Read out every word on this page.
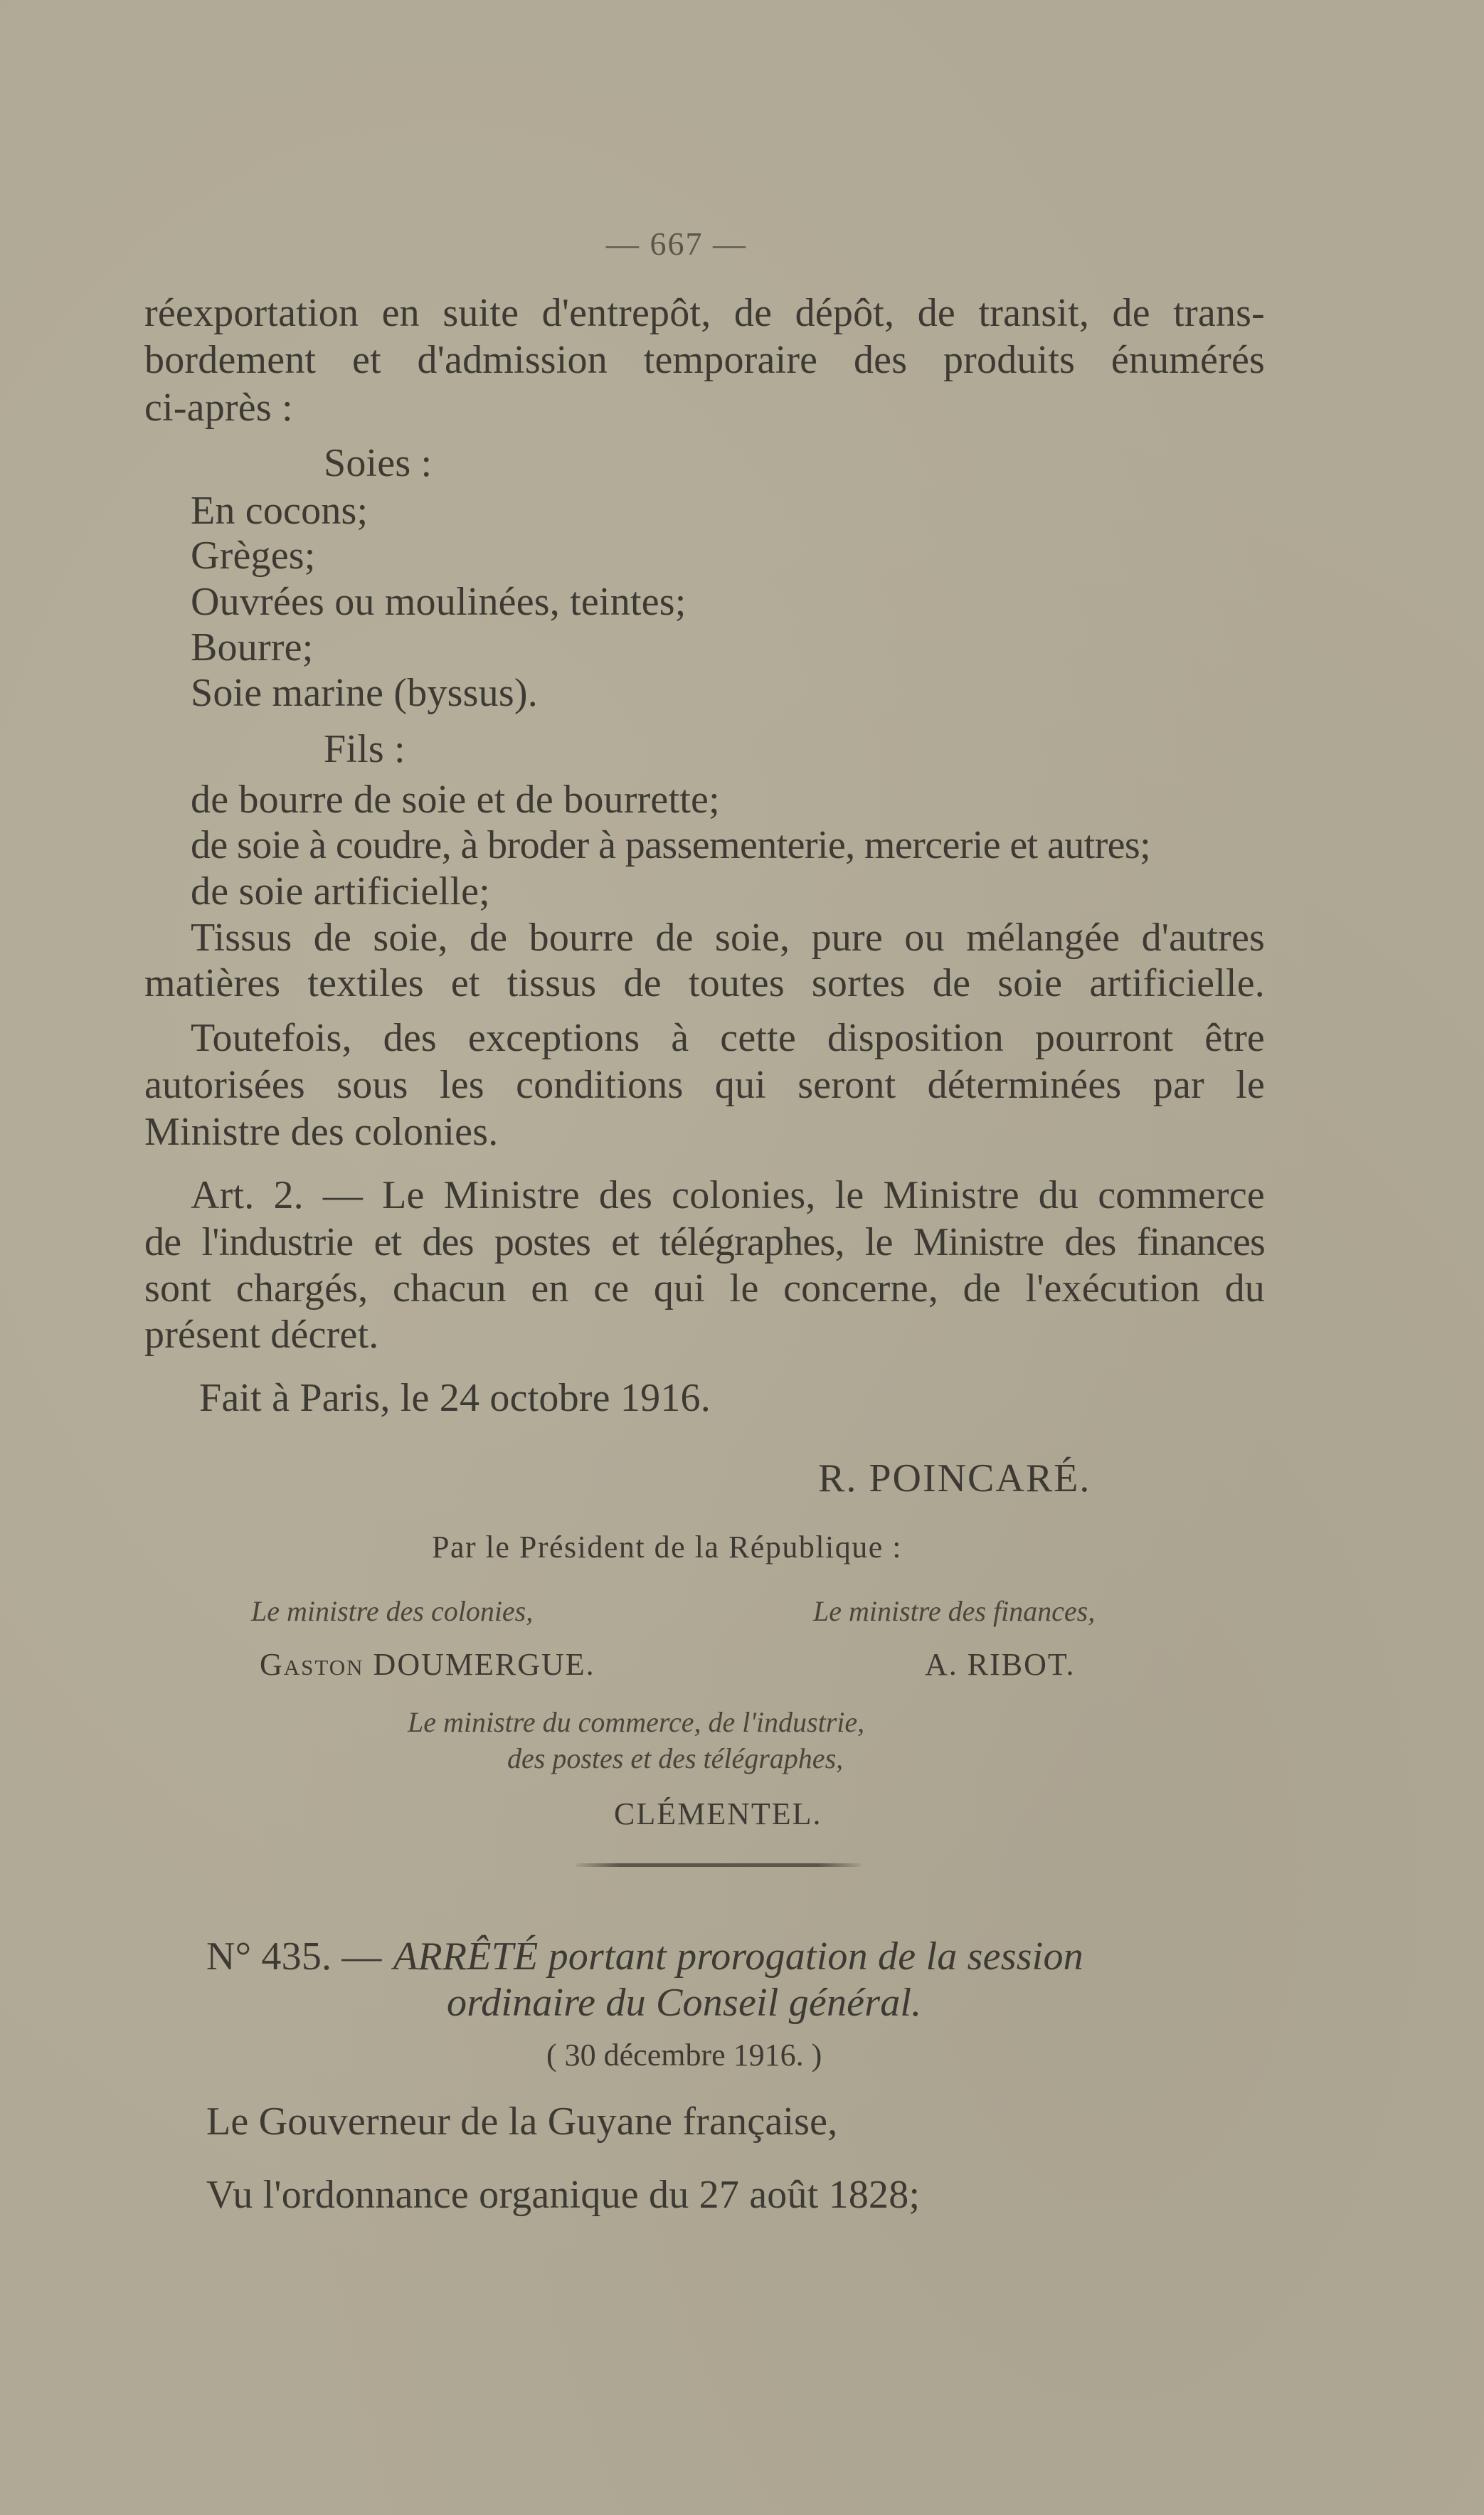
— 667 —
réexportation en suite d'entrepôt, de dépôt, de transit, de trans-
bordement et d'admission temporaire des produits énumérés
ci-après :
Soies :
En cocons;
Grèges;
Ouvrées ou moulinées, teintes;
Bourre;
Soie marine (byssus).
Fils :
de bourre de soie et de bourrette;
de soie à coudre, à broder à passementerie, mercerie et autres;
de soie artificielle;
Tissus de soie, de bourre de soie, pure ou mélangée d'autres
matières textiles et tissus de toutes sortes de soie artificielle.
Toutefois, des exceptions à cette disposition pourront être
autorisées sous les conditions qui seront déterminées par le
Ministre des colonies.
Art. 2. — Le Ministre des colonies, le Ministre du commerce
de l'industrie et des postes et télégraphes, le Ministre des finances
sont chargés, chacun en ce qui le concerne, de l'exécution du
présent décret.
Fait à Paris, le 24 octobre 1916.
R. POINCARÉ.
Par le Président de la République :
Le ministre des colonies,	Le ministre des finances,
Gaston DOUMERGUE.	A. RIBOT.
Le ministre du commerce, de l'industrie,
des postes et des télégraphes,
CLÉMENTEL.
N° 435. — ARRÊTÉ portant prorogation de la session
ordinaire du Conseil général.
( 30 décembre 1916. )
Le Gouverneur de la Guyane française,
Vu l'ordonnance organique du 27 août 1828;
